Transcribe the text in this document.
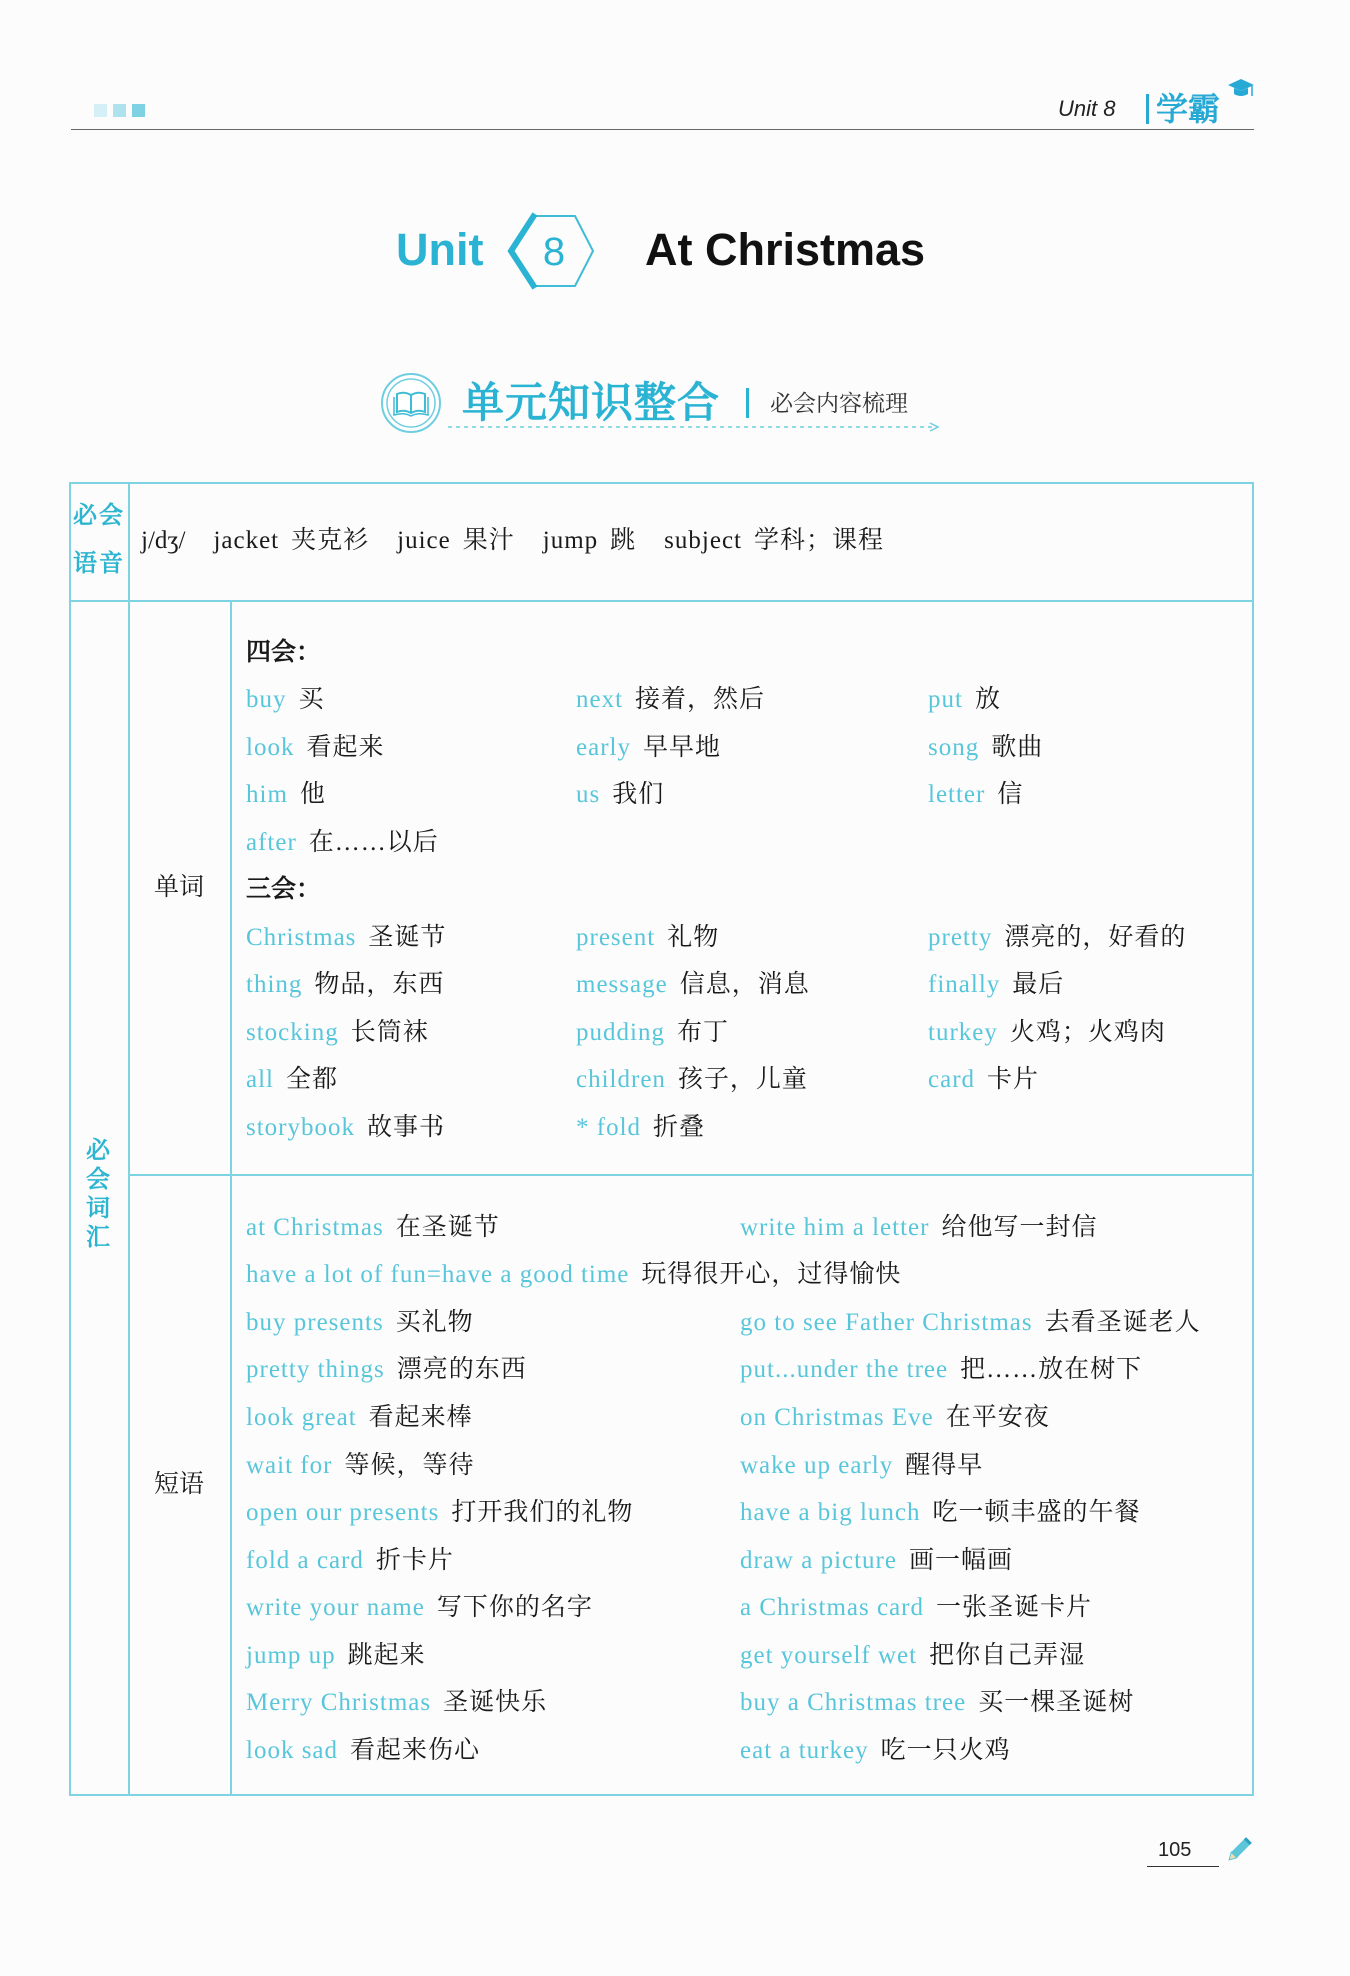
Unit 8 学霸
Unit 8 At Christmas
单元知识整合 必会内容梳理
必会语音
j/dʒ/ jacket 夹克衫 juice 果汁 jump 跳 subject 学科；课程
必会词汇
单词
四会：
buy 买	next 接着，然后	put 放
look 看起来	early 早早地	song 歌曲
him 他	us 我们	letter 信
after 在……以后
三会：
Christmas 圣诞节	present 礼物	pretty 漂亮的，好看的
thing 物品，东西	message 信息，消息	finally 最后
stocking 长筒袜	pudding 布丁	turkey 火鸡；火鸡肉
all 全都	children 孩子，儿童	card 卡片
storybook 故事书	* fold 折叠
短语
at Christmas 在圣诞节	write him a letter 给他写一封信
have a lot of fun=have a good time 玩得很开心，过得愉快
buy presents 买礼物	go to see Father Christmas 去看圣诞老人
pretty things 漂亮的东西	put...under the tree 把……放在树下
look great 看起来棒	on Christmas Eve 在平安夜
wait for 等候，等待	wake up early 醒得早
open our presents 打开我们的礼物	have a big lunch 吃一顿丰盛的午餐
fold a card 折卡片	draw a picture 画一幅画
write your name 写下你的名字	a Christmas card 一张圣诞卡片
jump up 跳起来	get yourself wet 把你自己弄湿
Merry Christmas 圣诞快乐	buy a Christmas tree 买一棵圣诞树
look sad 看起来伤心	eat a turkey 吃一只火鸡
105
